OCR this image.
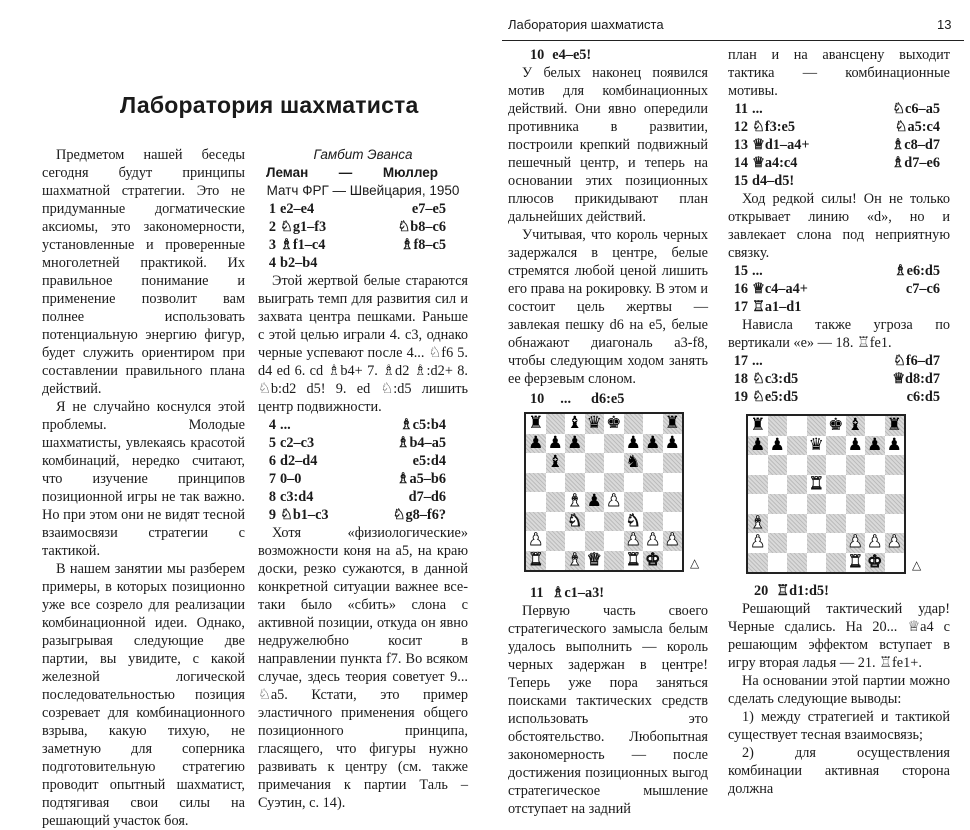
Лаборатория шахматиста

Предметом нашей беседы сегодня будут принципы шахматной стратегии. Это не придуманные догматические аксиомы, это закономерности, установленные и проверенные многолетней практикой. Их правильное понимание и применение позволит вам полнее использовать потенциальную энергию фигур, будет служить ориентиром при составлении правильного плана действий.

Я не случайно коснулся этой проблемы. Молодые шахматисты, увлекаясь красотой комбинаций, нередко считают, что изучение принципов позиционной игры не так важно. Но при этом они не видят тесной взаимосвязи стратегии с тактикой.

В нашем занятии мы разберем примеры, в которых позиционно уже все созрело для реализации комбинационной идеи. Однако, разыгрывая следующие две партии, вы увидите, с какой железной логической последовательностью позиция созревает для комбинационного взрыва, какую тихую, не заметную для соперника подготовительную стратегию проводит опытный шахматист, подтягивая свои силы на решающий участок боя.

Гамбит Эванса
Леман — Мюллер
Матч ФРГ — Швейцария, 1950
1	e2–e4	e7–e5
2	♘g1–f3	♘b8–c6
3	♗f1–c4	♗f8–c5
4	b2–b4	

Этой жертвой белые стараются выиграть темп для развития сил и захвата центра пешками. Раньше с этой целью играли 4. с3, однако черные успевают после 4... ♘f6 5. d4 ed 6. cd ♗b4+ 7. ♗d2 ♗:d2+ 8. ♘b:d2 d5! 9. ed ♘:d5 лишить центр подвижности.

4	...	♗c5:b4
5	c2–c3	♗b4–a5
6	d2–d4	e5:d4
7	0–0	♗a5–b6
8	c3:d4	d7–d6
9	♘b1–c3	♘g8–f6?

Хотя «физиологические» возможности коня на а5, на краю доски, резко сужаются, в данной конкретной ситуации важнее все-таки было «сбить» слона с активной позиции, откуда он явно недружелюбно косит в направлении пункта f7. Во всяком случае, здесь теория советует 9... ♘а5. Кстати, это пример эластичного применения общего позиционного принципа, гласящего, что фигуры нужно развивать к центру (см. также примечания к партии Таль – Суэтин, с. 14).

Лаборатория шахматиста	13
10 e4–e5!

У белых наконец появился мотив для комбинационных действий. Они явно опередили противника в развитии, построили крепкий подвижный пешечный центр, и теперь на основании этих позиционных плюсов прикидывают план дальнейших действий.

Учитывая, что король черных задержался в центре, белые стремятся любой ценой лишить его права на рокировку. В этом и состоит цель жертвы — завлекая пешку d6 на е5, белые обнажают диагональ а3-f8, чтобы следующим ходом занять ее ферзевым слоном.

10 ... d6:e5
♜ ♝ ♛ ♚	♜
♟ ♟ ♟	♟ ♟ ♟
♝	♞
♝ ♟ ♟
♞	♞
♟	♟ ♟ ♟
♜ ♝ ♛ ♜ ♚ △
11 ♗c1–a3!

Первую часть своего стратегического замысла белым удалось выполнить — король черных задержан в центре! Теперь уже пора заняться поисками тактических средств использовать это обстоятельство. Любопытная закономерность — после достижения позиционных выгод стратегическое мышление отступает на задний

план и на авансцену выходит тактика — комбинационные мотивы.

11	...	♘c6–a5
12	♘f3:e5	♘a5:c4
13	♕d1–a4+	♗c8–d7
14	♕a4:c4	♗d7–e6
15	d4–d5!	

Ход редкой силы! Он не только открывает линию «d», но и завлекает слона под неприятную связку.

15	...	♗e6:d5
16	♕c4–a4+	c7–c6
17	♖a1–d1	

Нависла также угроза по вертикали «е» — 18. ♖fe1.

17	...	♘f6–d7
18	♘c3:d5	♕d8:d7
19	♘e5:d5	c6:d5
♜	♚ ♝ ♜
♟ ♟ ♛ ♟ ♟ ♟
♜
♝
♟	♟ ♟ ♟
♜ ♚ △
20 ♖d1:d5!

Решающий тактический удар! Черные сдались. На 20... ♕а4 с решающим эффектом вступает в игру вторая ладья — 21. ♖fe1+.

На основании этой партии можно сделать следующие выводы:

1) между стратегией и тактикой существует тесная взаимосвязь;

2) для осуществления комбинации активная сторона должна
